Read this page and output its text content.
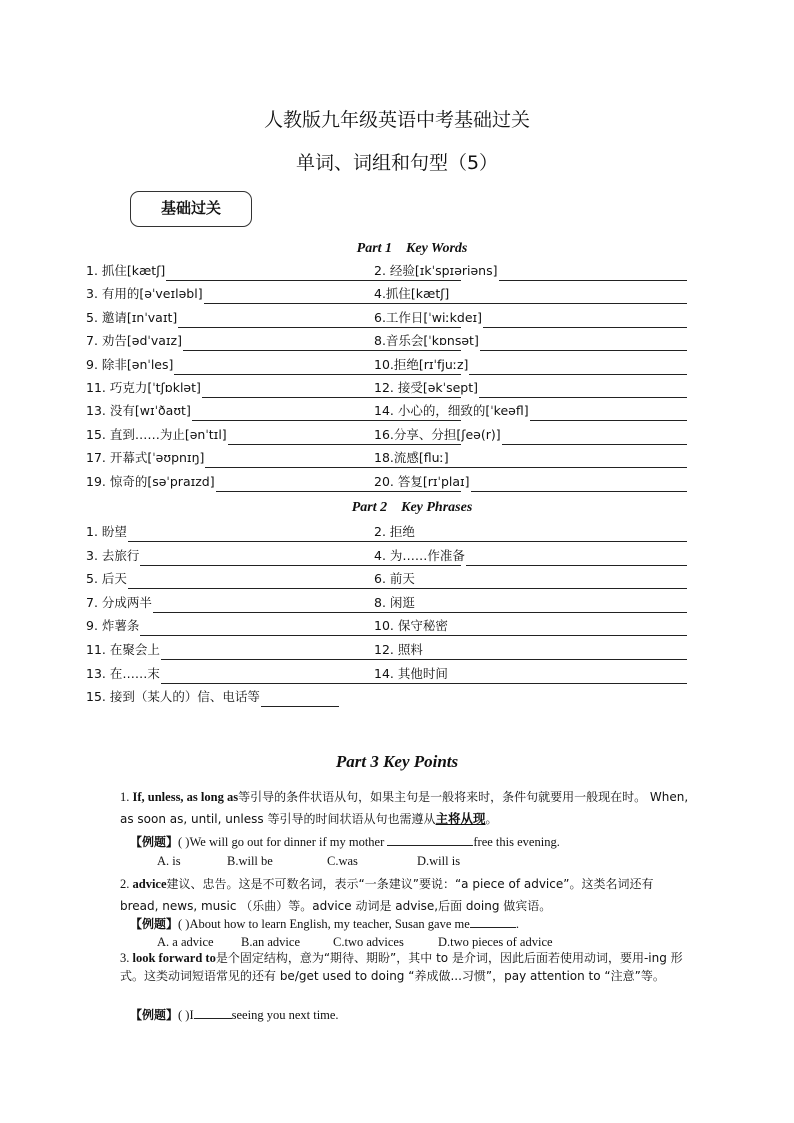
人教版九年级英语中考基础过关
单词、词组和句型（5）
基础过关
Part 1 Key Words
1. 抓住[kætʃ]	2. 经验[ɪkˈspɪəriəns]
3. 有用的[əˈveɪləbl]	4.抓住[kætʃ]
5. 邀请[ɪnˈvaɪt]	6.工作日[ˈwiːkdeɪ]
7. 劝告[ədˈvaɪz]	8.音乐会[ˈkɒnsət]
9. 除非[ənˈles]	10.拒绝[rɪˈfjuːz]
11. 巧克力[ˈtʃɒklət]	12. 接受[əkˈsept]
13. 没有[wɪˈðaʊt]	14. 小心的，细致的[ˈkeəfl]
15. 直到……为止[ənˈtɪl]	16.分享、分担[ʃeə(r)]
17. 开幕式[ˈəʊpnɪŋ]	18.流感[fluː]
19. 惊奇的[səˈpraɪzd]	20. 答复[rɪˈplaɪ]
Part 2 Key Phrases
1. 盼望	2. 拒绝
3. 去旅行	4. 为……作准备
5. 后天	6. 前天
7. 分成两半	8. 闲逛
9. 炸薯条	10. 保守秘密
11. 在聚会上	12. 照料
13. 在……末	14. 其他时间
15. 接到（某人的）信、电话等
Part 3 Key Points
1. If, unless, as long as等引导的条件状语从句，如果主句是一般将来时，条件句就要用一般现在时。 When, as soon as, until, unless 等引导的时间状语从句也需遵从主将从现。
【例题】( )We will go out for dinner if my mother	free this evening.
A. is	B.will be	C.was	D.will is
2. advice建议、忠告。这是不可数名词，表示“一条建议”要说：“a piece of advice”。这类名词还有 bread, news, music （乐曲）等。advice 动词是 advise,后面 doing 做宾语。
【例题】( )About how to learn English, my teacher, Susan gave me	.
A. a advice B.an advice	C.two advices	D.two pieces of advice
3. look forward to是个固定结构，意为“期待、期盼”，其中 to 是介词，因此后面若使用动词，要用-ing 形式。这类动词短语常见的还有 be/get used to doing “养成做...习惯”，pay attention to “注意”等。
【例题】( )I	seeing you next time.
